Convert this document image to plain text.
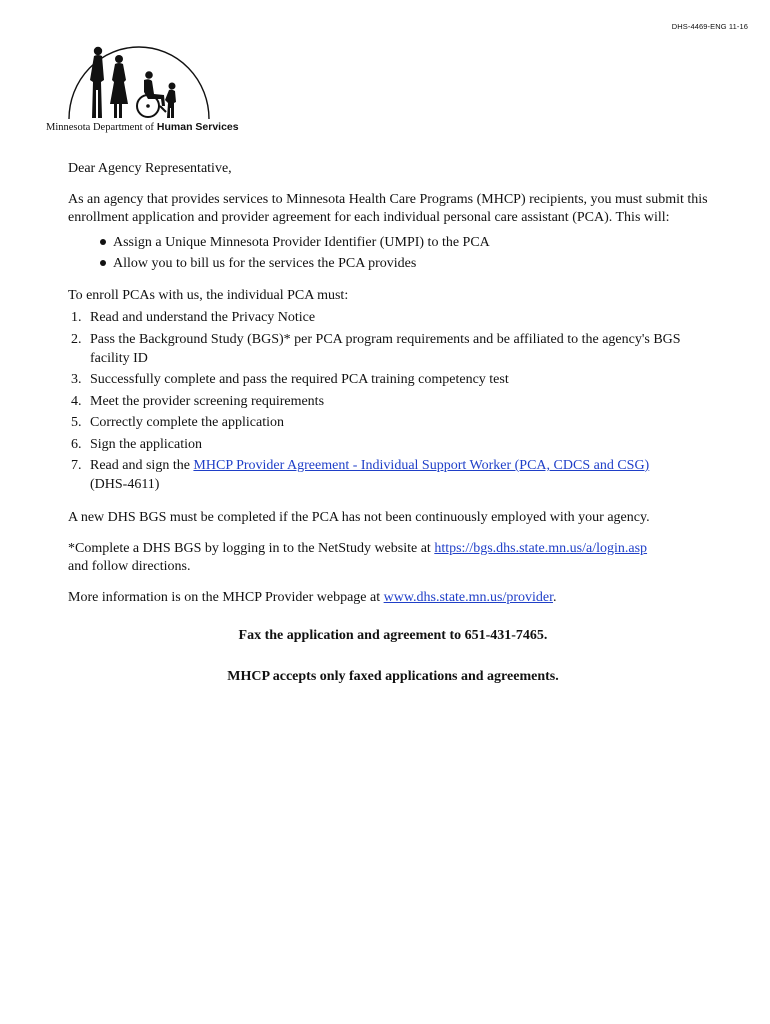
DHS-4469-ENG 11-16
Minnesota Department of Human Services

Dear Agency Representative,

As an agency that provides services to Minnesota Health Care Programs (MHCP) recipients, you must submit this enrollment application and provider agreement for each individual personal care assistant (PCA). This will:

Assign a Unique Minnesota Provider Identifier (UMPI) to the PCA
Allow you to bill us for the services the PCA provides

To enroll PCAs with us, the individual PCA must:

1. Read and understand the Privacy Notice
2. Pass the Background Study (BGS)* per PCA program requirements and be affiliated to the agency's BGS facility ID
3. Successfully complete and pass the required PCA training competency test
4. Meet the provider screening requirements
5. Correctly complete the application
6. Sign the application
7. Read and sign the MHCP Provider Agreement - Individual Support Worker (PCA, CDCS and CSG)
(DHS-4611)

A new DHS BGS must be completed if the PCA has not been continuously employed with your agency.

*Complete a DHS BGS by logging in to the NetStudy website at https://bgs.dhs.state.mn.us/a/login.asp
and follow directions.

More information is on the MHCP Provider webpage at www.dhs.state.mn.us/provider.

Fax the application and agreement to 651-431-7465.

MHCP accepts only faxed applications and agreements.
